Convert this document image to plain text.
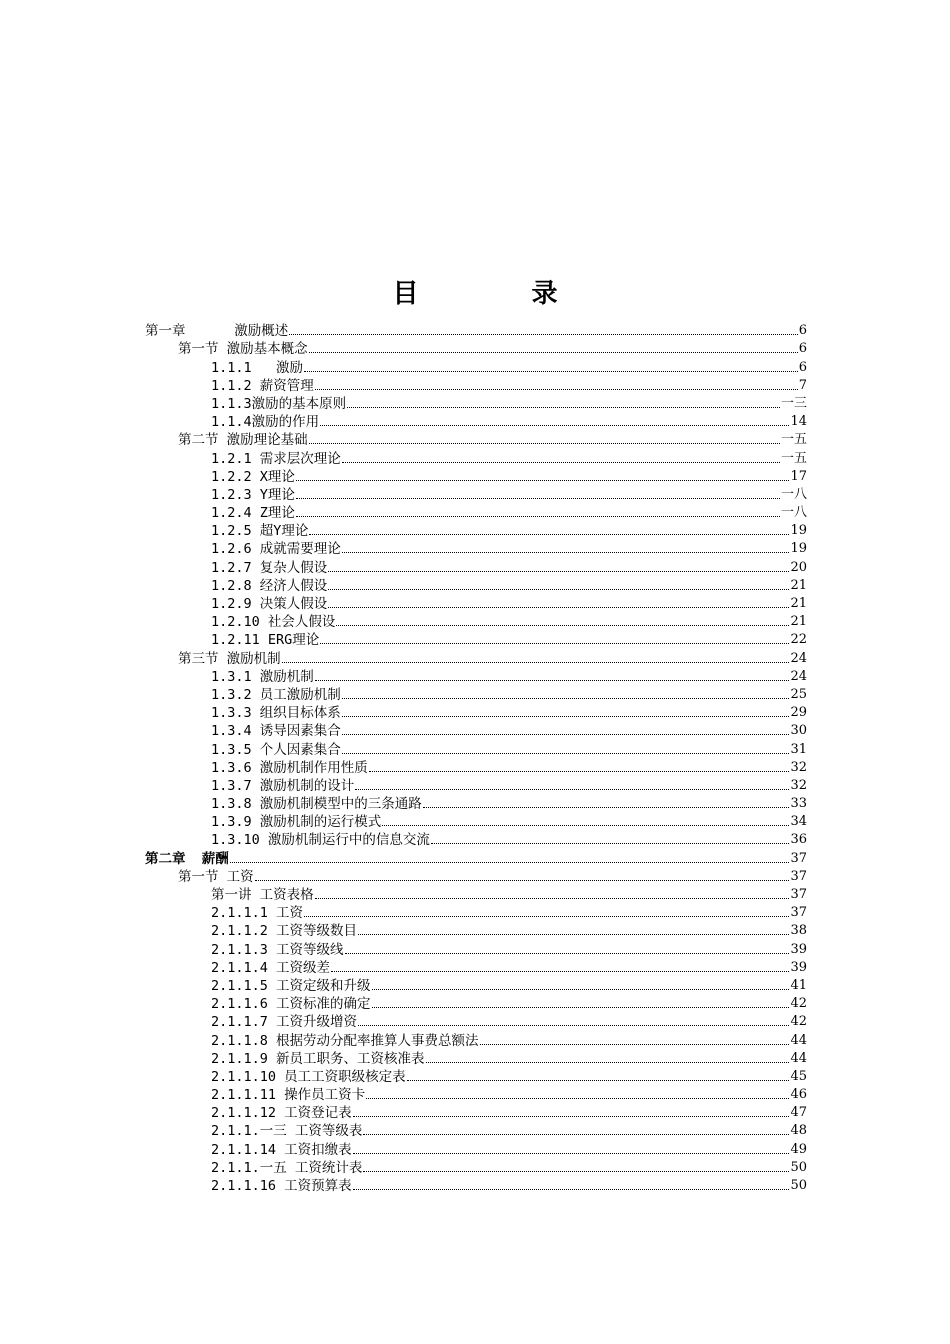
目 录
第一章      激励概述	6
第一节 激励基本概念	6
1.1.1   激励	6
1.1.2 薪资管理	7
1.1.3激励的基本原则	一三
1.1.4激励的作用	14
第二节 激励理论基础	一五
1.2.1 需求层次理论	一五
1.2.2 X理论	17
1.2.3 Y理论	一八
1.2.4 Z理论	一八
1.2.5 超Y理论	19
1.2.6 成就需要理论	19
1.2.7 复杂人假设	20
1.2.8 经济人假设	21
1.2.9 决策人假设	21
1.2.10 社会人假设	21
1.2.11 ERG理论	22
第三节 激励机制	24
1.3.1 激励机制	24
1.3.2 员工激励机制	25
1.3.3 组织目标体系	29
1.3.4 诱导因素集合	30
1.3.5 个人因素集合	31
1.3.6 激励机制作用性质	32
1.3.7 激励机制的设计	32
1.3.8 激励机制模型中的三条通路	33
1.3.9 激励机制的运行模式	34
1.3.10 激励机制运行中的信息交流	36
第二章  薪酬	37
第一节 工资	37
第一讲 工资表格	37
2.1.1.1 工资	37
2.1.1.2 工资等级数目	38
2.1.1.3 工资等级线	39
2.1.1.4 工资级差	39
2.1.1.5 工资定级和升级	41
2.1.1.6 工资标准的确定	42
2.1.1.7 工资升级增资	42
2.1.1.8 根据劳动分配率推算人事费总额法	44
2.1.1.9 新员工职务、工资核准表	44
2.1.1.10 员工工资职级核定表	45
2.1.1.11 操作员工资卡	46
2.1.1.12 工资登记表	47
2.1.1.一三 工资等级表	48
2.1.1.14 工资扣缴表	49
2.1.1.一五 工资统计表	50
2.1.1.16 工资预算表	50
